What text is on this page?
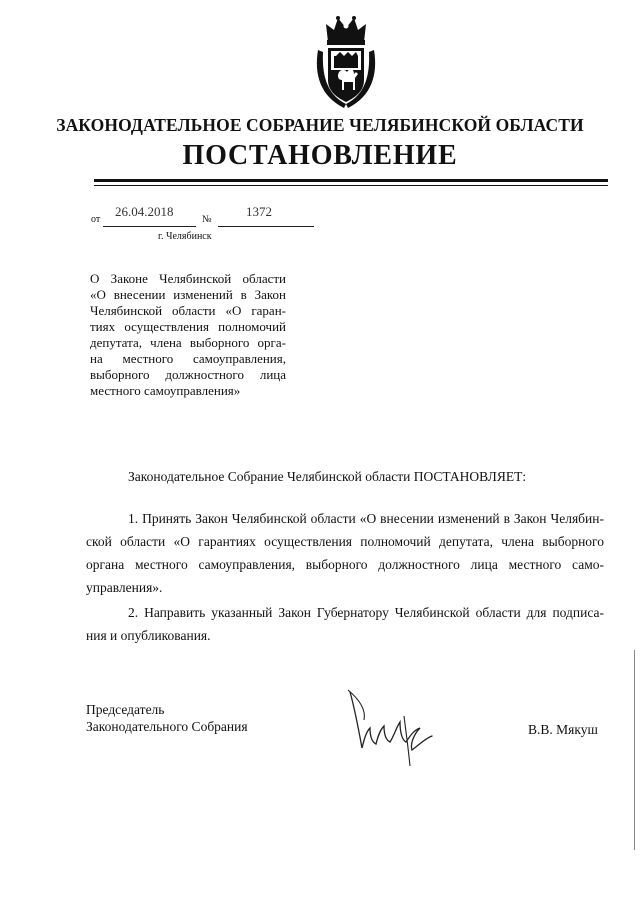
ЗАКОНОДАТЕЛЬНОЕ СОБРАНИЕ ЧЕЛЯБИНСКОЙ ОБЛАСТИ
ПОСТАНОВЛЕНИЕ
от
26.04.2018
№
1372
г. Челябинск
О Законе Челябинской области
«О внесении изменений в Закон
Челябинской области «О гаран-
тиях осуществления полномочий
депутата, члена выборного орга-
на местного самоуправления,
выборного должностного лица
местного самоуправления»
Законодательное Собрание Челябинской области ПОСТАНОВЛЯЕТ:
1. Принять Закон Челябинской области «О внесении изменений в Закон Челябин-
ской области «О гарантиях осуществления полномочий депутата, члена выборного
органа местного самоуправления, выборного должностного лица местного само-
управления».
2. Направить указанный Закон Губернатору Челябинской области для подписа-
ния и опубликования.
Председатель
Законодательного Собрания	В.В. Мякуш
